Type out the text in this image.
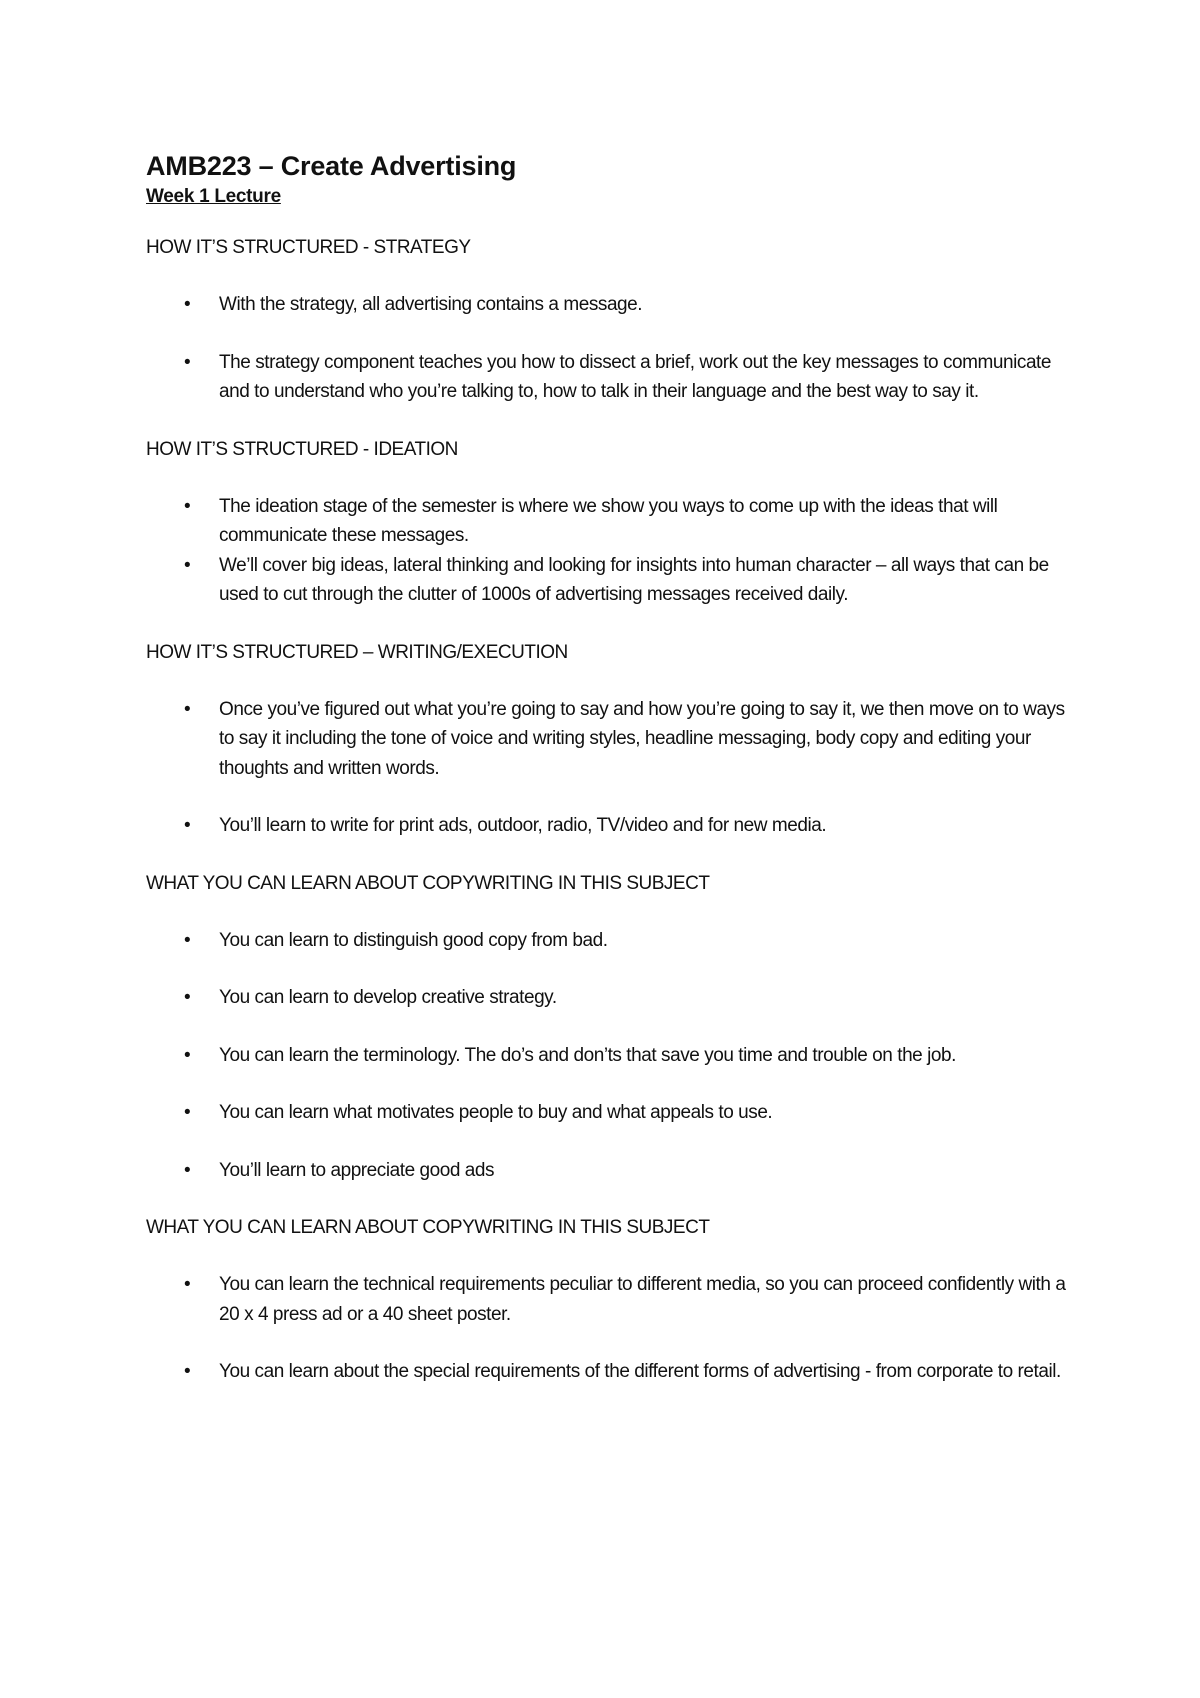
AMB223 – Create Advertising
Week 1 Lecture
HOW IT’S STRUCTURED - STRATEGY
• With the strategy, all advertising contains a message.
• The strategy component teaches you how to dissect a brief, work out the key messages to communicate and to understand who you’re talking to, how to talk in their language and the best way to say it.
HOW IT’S STRUCTURED - IDEATION
• The ideation stage of the semester is where we show you ways to come up with the ideas that will communicate these messages.
• We’ll cover big ideas, lateral thinking and looking for insights into human character – all ways that can be used to cut through the clutter of 1000s of advertising messages received daily.
HOW IT’S STRUCTURED – WRITING/EXECUTION
• Once you’ve figured out what you’re going to say and how you’re going to say it, we then move on to ways to say it including the tone of voice and writing styles, headline messaging, body copy and editing your thoughts and written words.
• You’ll learn to write for print ads, outdoor, radio, TV/video and for new media.
WHAT YOU CAN LEARN ABOUT COPYWRITING IN THIS SUBJECT
• You can learn to distinguish good copy from bad.
• You can learn to develop creative strategy.
• You can learn the terminology. The do’s and don’ts that save you time and trouble on the job.
• You can learn what motivates people to buy and what appeals to use.
• You’ll learn to appreciate good ads
WHAT YOU CAN LEARN ABOUT COPYWRITING IN THIS SUBJECT
• You can learn the technical requirements peculiar to different media, so you can proceed confidently with a 20 x 4 press ad or a 40 sheet poster.
• You can learn about the special requirements of the different forms of advertising - from corporate to retail.
